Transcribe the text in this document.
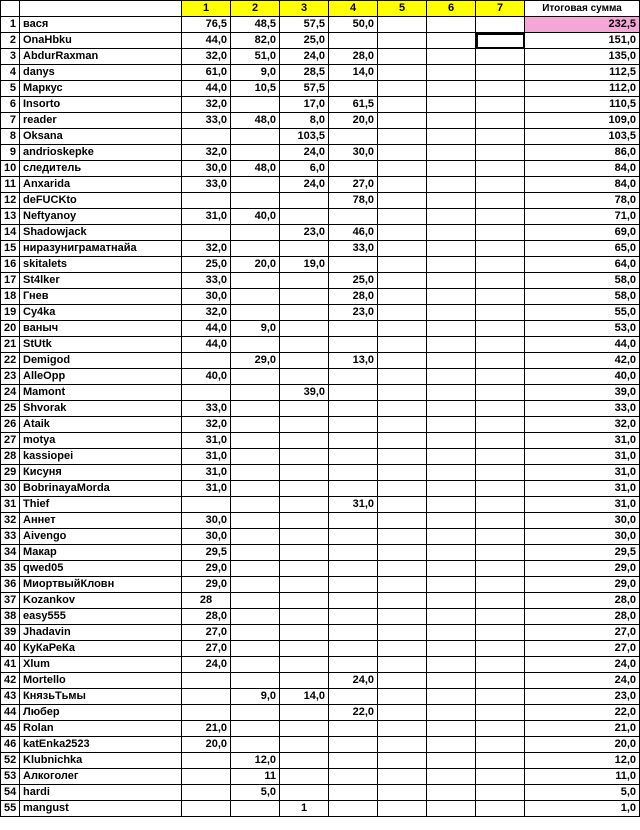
		1	2	3	4	5	6	7	Итоговая сумма
1	вася	76,5	48,5	57,5	50,0				232,5
2	OnaHbku	44,0	82,0	25,0					151,0
3	AbdurRaxman	32,0	51,0	24,0	28,0				135,0
4	danys	61,0	9,0	28,5	14,0				112,5
5	Маркус	44,0	10,5	57,5					112,0
6	Insorto	32,0		17,0	61,5				110,5
7	reader	33,0	48,0	8,0	20,0				109,0
8	Oksana			103,5					103,5
9	andrioskepke	32,0		24,0	30,0				86,0
10	следитель	30,0	48,0	6,0					84,0
11	Anxarida	33,0		24,0	27,0				84,0
12	deFUCKto				78,0				78,0
13	Neftyanoy	31,0	40,0						71,0
14	Shadowjack			23,0	46,0				69,0
15	ниразуниграматнайа	32,0			33,0				65,0
16	skitalets	25,0	20,0	19,0					64,0
17	St4lker	33,0			25,0				58,0
18	Гнев	30,0			28,0				58,0
19	Cy4ka	32,0			23,0				55,0
20	ваныч	44,0	9,0						53,0
21	StUtk	44,0							44,0
22	Demigod		29,0		13,0				42,0
23	AlleOpp	40,0							40,0
24	Mamont			39,0					39,0
25	Shvorak	33,0							33,0
26	Ataik	32,0							32,0
27	motya	31,0							31,0
28	kassiopei	31,0							31,0
29	Кисуня	31,0							31,0
30	BobrinayaMorda	31,0							31,0
31	Thief				31,0				31,0
32	Аннет	30,0							30,0
33	Aivengo	30,0							30,0
34	Макар	29,5							29,5
35	qwed05	29,0							29,0
36	МиортвыйКловн	29,0							29,0
37	Kozankov	28							28,0
38	easy555	28,0							28,0
39	Jhadavin	27,0							27,0
40	КуКаРеКа	27,0							27,0
41	Xlum	24,0							24,0
42	Mortello				24,0				24,0
43	КнязьТьмы		9,0	14,0					23,0
44	Любер				22,0				22,0
45	Rolan	21,0							21,0
46	katEnka2523	20,0							20,0
52	Klubnichka		12,0						12,0
53	Алкоголег		11						11,0
54	hardi		5,0						5,0
55	mangust			1					1,0
